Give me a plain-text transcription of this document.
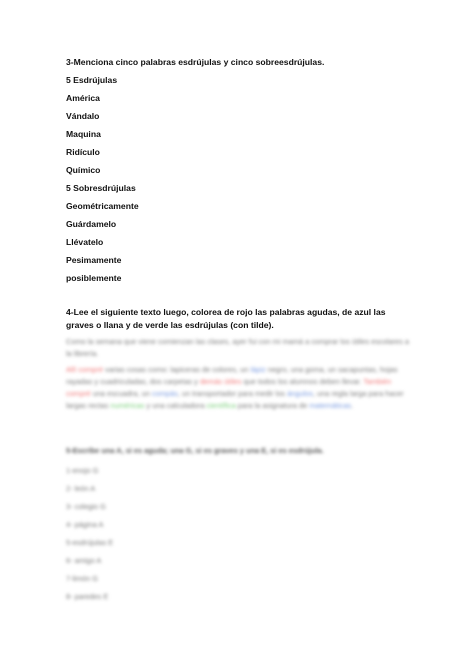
3-Menciona cinco palabras esdrújulas y cinco sobreesdrújulas.
5 Esdrújulas
América
Vándalo
Maquina
Ridículo
Químico
5 Sobresdrújulas
Geométricamente
Guárdamelo
Llévatelo
Pesimamente
posiblemente
4-Lee el siguiente texto luego, colorea de rojo las palabras agudas, de azul las graves o llana y de verde las esdrújulas (con tilde).
Como la semana que viene comienzan las clases, ayer fui con mi mamá a comprar los útiles escolares a la librería.
Allí compré varias cosas como: lapiceras de colores, un lápiz negro, una goma, un sacapuntas, hojas rayadas y cuadriculadas, dos carpetas y demás útiles que todos los alumnos deben llevar. También compré una escuadra, un compás, un transportador para medir los ángulos, una regla larga para hacer largas rectas numéricas y una calculadora científica para la asignatura de matemáticas.
5-Escribe una A, si es aguda; una G, si es graves y una E, si es esdrújula.
1-enojo G
2- león A
3- colegio G
4- página A
5-esdrújulas E
6- amigo A
7-limón G
8- paredes E
